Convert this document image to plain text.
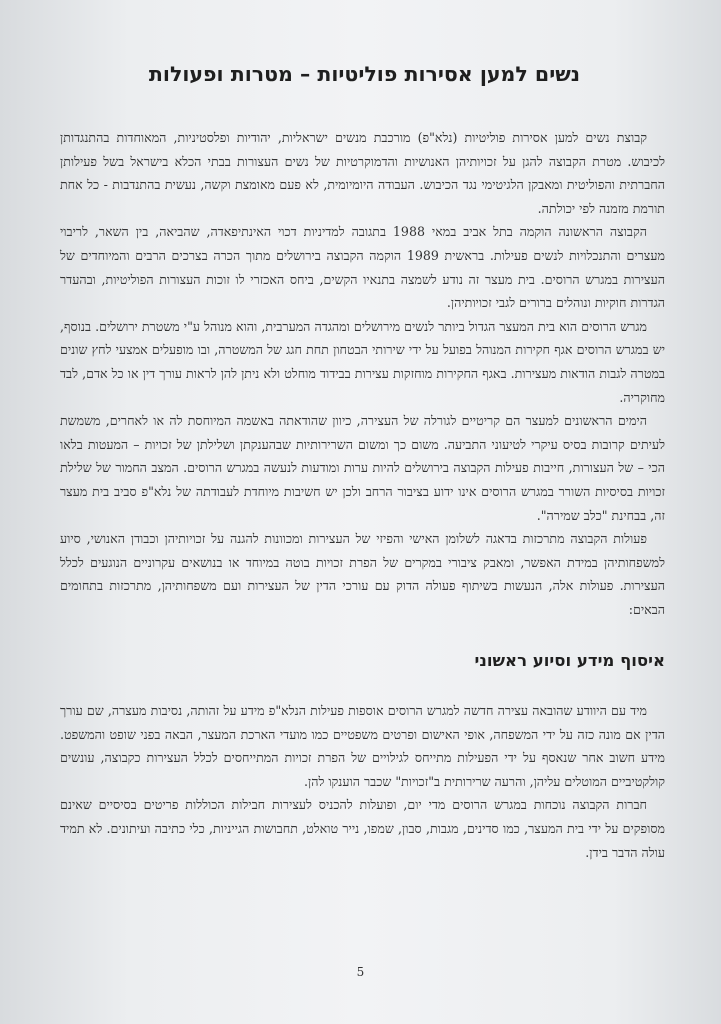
נשים למען אסירות פוליטיות – מטרות ופעולות

קבוצת נשים למען אסירות פוליטיות (נלא"פ) מורכבת מנשים ישראליות, יהודיות ופלסטיניות, המאוחדות בהתנגדותן לכיבוש. מטרת הקבוצה להגן על זכויותיהן האנושיות והדמוקרטיות של נשים העצורות בבתי הכלא בישראל בשל פעילותן החברתית והפוליטית ומאבקן הלגיטימי נגד הכיבוש. העבודה היומיומית, לא פעם מאומצת וקשה, נעשית בהתנדבות - כל אחת תורמת מזמנה לפי יכולתה.

הקבוצה הראשונה הוקמה בתל אביב במאי 1988 בתגובה למדיניות דכוי האינתיפאדה, שהביאה, בין השאר, לריבוי מעצרים והתנכלויות לנשים פעילות. בראשית 1989 הוקמה הקבוצה בירושלים מתוך הכרה בצרכים הרבים והמיוחדים של העצירות במגרש הרוסים. בית מעצר זה נודע לשמצה בתנאיו הקשים, ביחס האכזרי לו זוכות העצורות הפוליטיות, ובהעדר הגדרות חוקיות ונוהלים ברורים לגבי זכויותיהן.

מגרש הרוסים הוא בית המעצר הגדול ביותר לנשים מירושלים ומהגדה המערבית, והוא מנוהל ע"י משטרת ירושלים. בנוסף, יש במגרש הרוסים אגף חקירות המנוהל בפועל על ידי שירותי הבטחון תחת חגג של המשטרה, ובו מופעלים אמצעי לחץ שונים במטרה לגבות הודאות מעצירות. באגף החקירות מוחזקות עצירות בבידוד מוחלט ולא ניתן להן לראות עורך דין או כל אדם, לבד מחוקריה.

הימים הראשונים למעצר הם קריטיים לגורלה של העצירה, כיוון שהודאתה באשמה המיוחסת לה או לאחרים, משמשת לעיתים קרובות בסיס עיקרי לטיעוני התביעה. משום כך ומשום השרירותיות שבהענקתן ושלילתן של זכויות – המעטות בלאו הכי – של העצורות, חייבות פעילות הקבוצה בירושלים להיות ערות ומודעות לנעשה במגרש הרוסים. המצב החמור של שלילת זכויות בסיסיות השורר במגרש הרוסים אינו ידוע בציבור הרחב ולכן יש חשיבות מיוחדת לעבודתה של נלא"פ סביב בית מעצר זה, בבחינת "כלב שמירה".

פעולות הקבוצה מתרכזות בדאגה לשלומן האישי והפיזי של העצירות ומכוונות להגנה על זכויותיהן וכבודן האנושי, סיוע למשפחותיהן במידת האפשר, ומאבק ציבורי במקרים של הפרת זכויות בוטה במיוחד או בנושאים עקרוניים הנוגעים לכלל העצירות. פעולות אלה, הנעשות בשיתוף פעולה הדוק עם עורכי הדין של העצירות ועם משפחותיהן, מתרכזות בתחומים הבאים:

איסוף מידע וסיוע ראשוני

מיד עם היוודע שהובאה עצירה חדשה למגרש הרוסים אוספות פעילות הנלא"פ מידע על זהותה, נסיבות מעצרה, שם עורך הדין אם מונה כזה על ידי המשפחה, אופי האישום ופרטים משפטיים כמו מועדי הארכת המעצר, הבאה בפני שופט והמשפט. מידע חשוב אחר שנאסף על ידי הפעילות מתייחס לגילויים של הפרת זכויות המתייחסים לכלל העצירות כקבוצה, עונשים קולקטיביים המוטלים עליהן, והרעה שרירותית ב"זכויות" שכבר הוענקו להן.

חברות הקבוצה נוכחות במגרש הרוסים מדי יום, ופועלות להכניס לעצירות חבילות הכוללות פריטים בסיסיים שאינם מסופקים על ידי בית המעצר, כמו סדינים, מגבות, סבון, שמפו, נייר טואלט, תחבושות הגייניות, כלי כתיבה ועיתונים. לא תמיד עולה הדבר בידן.

5
